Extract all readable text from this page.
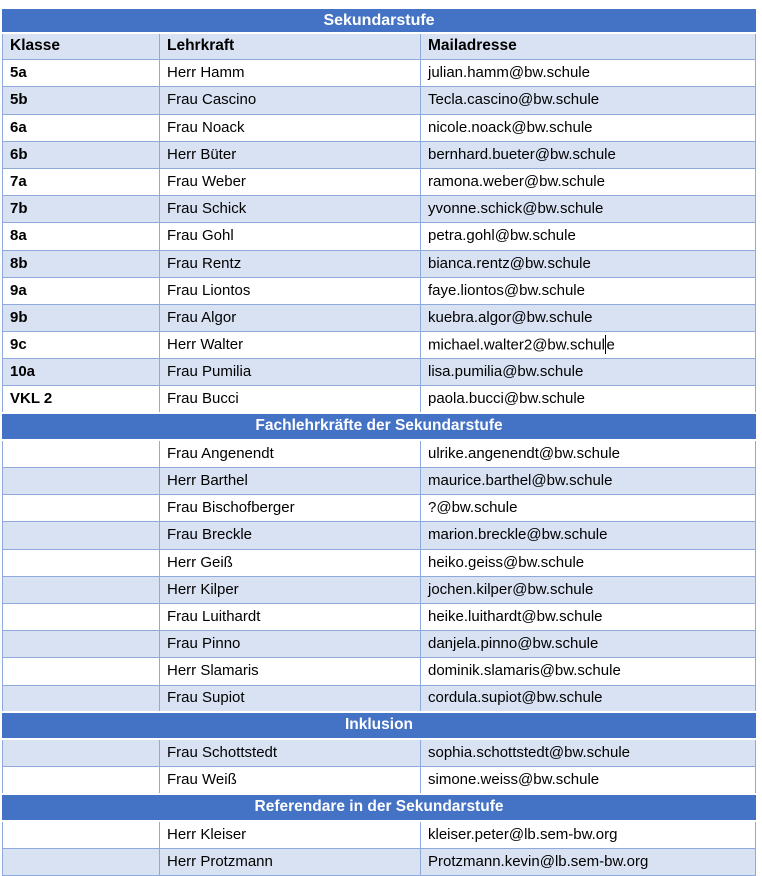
Sekundarstufe		
Klasse	Lehrkraft	Mailadresse
5a	Herr Hamm	julian.hamm@bw.schule
5b	Frau Cascino	Tecla.cascino@bw.schule
6a	Frau Noack	nicole.noack@bw.schule
6b	Herr Büter	bernhard.bueter@bw.schule
7a	Frau Weber	ramona.weber@bw.schule
7b	Frau Schick	yvonne.schick@bw.schule
8a	Frau Gohl	petra.gohl@bw.schule
8b	Frau Rentz	bianca.rentz@bw.schule
9a	Frau Liontos	faye.liontos@bw.schule
9b	Frau Algor	kuebra.algor@bw.schule
9c	Herr Walter	michael.walter2@bw.schul e
10a	Frau Pumilia	lisa.pumilia@bw.schule
VKL 2	Frau Bucci	paola.bucci@bw.schule
Fachlehrkräfte der Sekundarstufe		
	Frau Angenendt	ulrike.angenendt@bw.schule
	Herr Barthel	maurice.barthel@bw.schule
	Frau Bischofberger	?@bw.schule
	Frau Breckle	marion.breckle@bw.schule
	Herr Geiß	heiko.geiss@bw.schule
	Herr Kilper	jochen.kilper@bw.schule
	Frau Luithardt	heike.luithardt@bw.schule
	Frau Pinno	danjela.pinno@bw.schule
	Herr Slamaris	dominik.slamaris@bw.schule
	Frau Supiot	cordula.supiot@bw.schule
Inklusion		
	Frau Schottstedt	sophia.schottstedt@bw.schule
	Frau Weiß	simone.weiss@bw.schule
Referendare in der Sekundarstufe		
	Herr Kleiser	kleiser.peter@lb.sem-bw.org
	Herr Protzmann	Protzmann.kevin@lb.sem-bw.org
